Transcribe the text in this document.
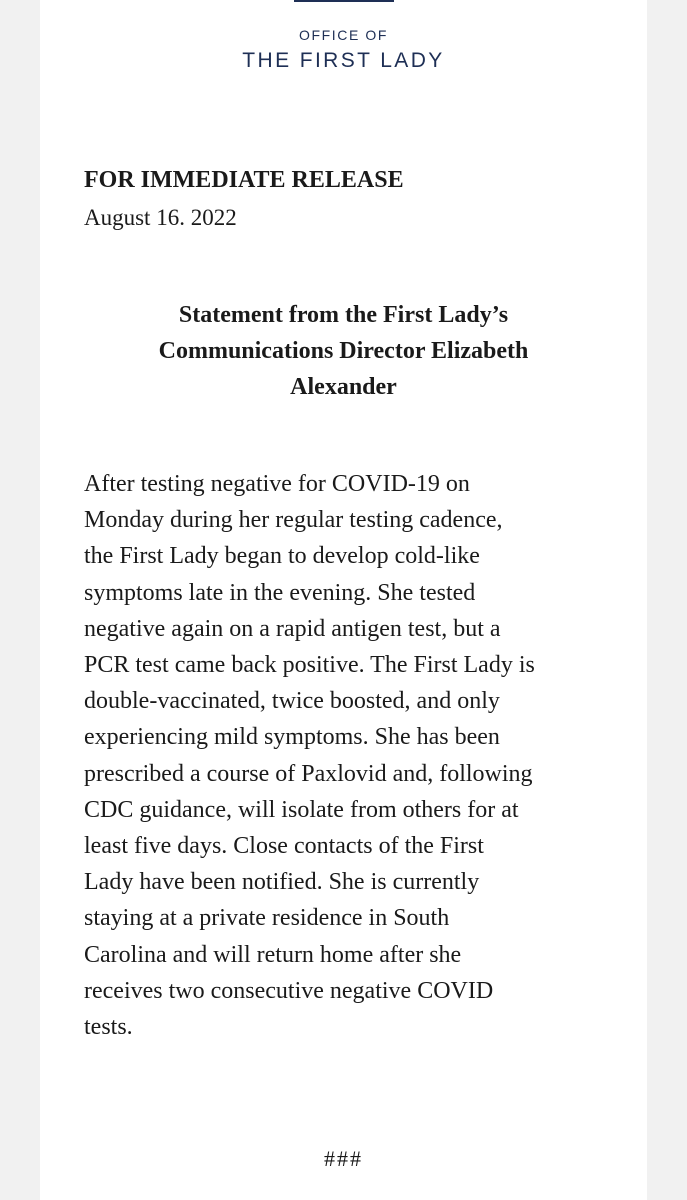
OFFICE OF
THE FIRST LADY
FOR IMMEDIATE RELEASE
August 16. 2022
Statement from the First Lady’s
Communications Director Elizabeth
Alexander
After testing negative for COVID-19 on
Monday during her regular testing cadence,
the First Lady began to develop cold-like
symptoms late in the evening. She tested
negative again on a rapid antigen test, but a
PCR test came back positive. The First Lady is
double-vaccinated, twice boosted, and only
experiencing mild symptoms. She has been
prescribed a course of Paxlovid and, following
CDC guidance, will isolate from others for at
least five days. Close contacts of the First
Lady have been notified. She is currently
staying at a private residence in South
Carolina and will return home after she
receives two consecutive negative COVID
tests.
###
